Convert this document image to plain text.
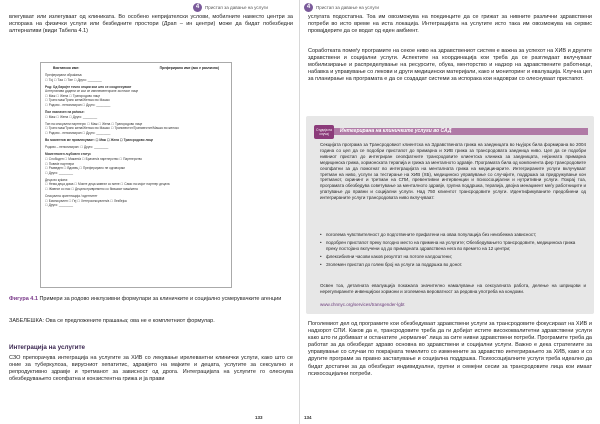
4	Пристап за давање на услуги

влегуваат или излегуваат од клиниката. Во особено непријателски услови, мобилните наместо центри за испорака на физички услуги или безбедните простори (Драп – ин центри) може да бидат побезбедни алтернативи (види Табела 4.1)

Вистинско име:	Преферирано име (ако е различно)
Преферирани обраќања:
☐ Тој ☐ Таа ☐ Тие ☐ Друго: ________
Род: Од бирајте точно опции кои што се сооднесуваат
Алтернативи дадени се кои се имплементирале за некое лице
☐ Маж ☐ Жена ☐ Трансродово лице
☐ Транс маж/Транс жена/Женско во Машко
☐ Родово - неполизиран ☐ Друго: ________
Пол назначен на раѓање:
☐ Маж ☐ Жена ☐ Друго: ________
Тип на сексуални партнери: ☐ Маж ☐ Жена ☐ Трансродово лице
☐ Транс маж/Транс жена/Женско во Машко ☐ Трансвестит/Трансвестит/Машко во женско
☐ Родово - неполизиран ☐ Друго: ________
Во моментов ме привлекуваат: ☐ Маж ☐ Жена ☐ Трансродово лице
Родово – неполизиран: ☐ Друго: ________
Моментален љубовен статус
☐ Слободен ☐ Мажен/а ☐ Брачен/a партнерство ☐ Партнерство
☐ Повеќе партнери
☐ Разведен ☐ Вдовец ☐ Преферирано не одговорам
☐ Друго: ________
Деца во куќата:
☐ Нема деца дома ☐ Моите деца живеат со мене ☐ Само на мојот партнер децата
☐ Живеат со нас ☐ Децата привремено со бившиот маж/жена
Сексуална ориентација / идентитет
☐ Бисексуален ☐ Геј ☐ Хетеросексуален/а ☐ Лезбејка
☐ Друго: ________

Фигура 4.1 Примери за родово инклузивни формулари за клиничките и социјално усмерувачките агенции

ЗАБЕЛЕШКА: Ова се предложените прашања; ова не е комплетниот формулар.

Интеграција на услугите

СЗО препорачува интеграција на услугите за ХИВ со лекување ирелевантни клинички услуги, како што се оние за туберкулоза, вирусниот хепатитис, здравјето на мајките и децата, услугите за сексуално и репродуктивно здравје и третманот за зависност од дрога. Интеграцијата на услугите го олеснува обезбедувањето сеопфатна и конзистентна грижа и ја прави

133
4	Пристап за давање на услуги

услугата подостапна. Тоа им овозможува на поединците да се грижат за нивните различни здравствени потреби во исто време на иста локација. Интеграцијата на услугите исто така им овозможува на сервис провајдерите да се водат од еден амбиент.

Соработката помеѓу програмите на секое ниво на здравствениот систем е важна за успехот на ХИВ и другите здравствени и социјални услуги. Аспектите на координација кои треба да се разгледаат вклучуваат мобилизирање и распределување на ресурсите, обука, менторство и надзор на здравствените работници, набавка и управување со лекови и други медицински материјали, како и мониторинг и евалуација. Клучна цел за планирање на програмата е да се создадат системи за испорака кои надоврзи со олеснуваат пристапот.

Студија на случај	Интегрирана на клиничките услуги во САД

Секцијата програма за Трансродовиот клиентска на Здравствената грижа на заедницата во Њујорк била формирана во 2004 година со цел да се подобри пристапот до примарна и ХИВ грижа за трансродовата заедница ниво. Цел да се подобри нивниот пристап до интегриран сеопфатните трансродовите клиентска клиника за заедницата, нејзината примарна медицинска грижа, хормонската терапија и грижа за менталното здравје. Програмата била од компонента фер трансродовите сеопфатни за да помогнат во интеграцијата на менталната грижа на медицинарите. Интегрираните услуги вклучуваат третман на ниво, услуги за тестирање на ХИВ (ХБ), медицинско управување со случајите, поддршка за придружување кон третманот, скрининг и третман на СПИ, превентивни интервенции и психосоцијални и нутритивни услуги. Покрај тоа, програмата обезбедува советување за менталното здравје, групна поддршка, терапија, двојна менаџмент меѓу работниците и упатување до правни и социјални услуги. Над 750 клиентот трансродовите услуги. Идентификуваните предобиени од интегрираните услуги трансродовата ниво вклучуваат:

• поголема чувствителност до подготвените прифатени на оваа популација без неизбежна зависност;
• подобрен пристапот преку погодно место на примена на услугите; Обезбедувањето трансродовите, медицинска грижа преку постојано вклучени од до примарната здравствена нега во времето на 12 центри;
• флексибилни часови каков резултат на потоле калдоштени;
• Зголемен пристап до голем број на услуги за поддршка во донот.

Освен тоа, деталната евалуација покажала значително намалување на сексуалната работа, делење на шприцови и нерегулираните инвенцијски хормони и зголемена вероватност за редовна употреба на кондоми.

www.chnnyc.org/services/transgender-lgbt

Поголемиот дел од програмите кои обезбедуваат здравствени услуги за трансродовите фокусираат на ХИВ и надзорот СПИ. Каков да е, трансродовите треба да ги добијат истите висококвалитетни здравствени услуги како што ги добиваат и останатите „нормални“ лица за сите нивни здравствени потреби. Програмите треба да работат за да обезбедат здраво основна во здравствени и социјални услуги. Важно е дека стратегиите за управување со случаи по покрајната темелито со изменените за здравство интегрирањето за ХИВ, како и со другите програми за правно застапување и социјална поддршка. Психосоцијалните услуги треба идеално да бидат достапни за да обезбедат индивидуални, групни и семејни сесии за трансродовите лица кои имаат психосоцијални потреби.

134
